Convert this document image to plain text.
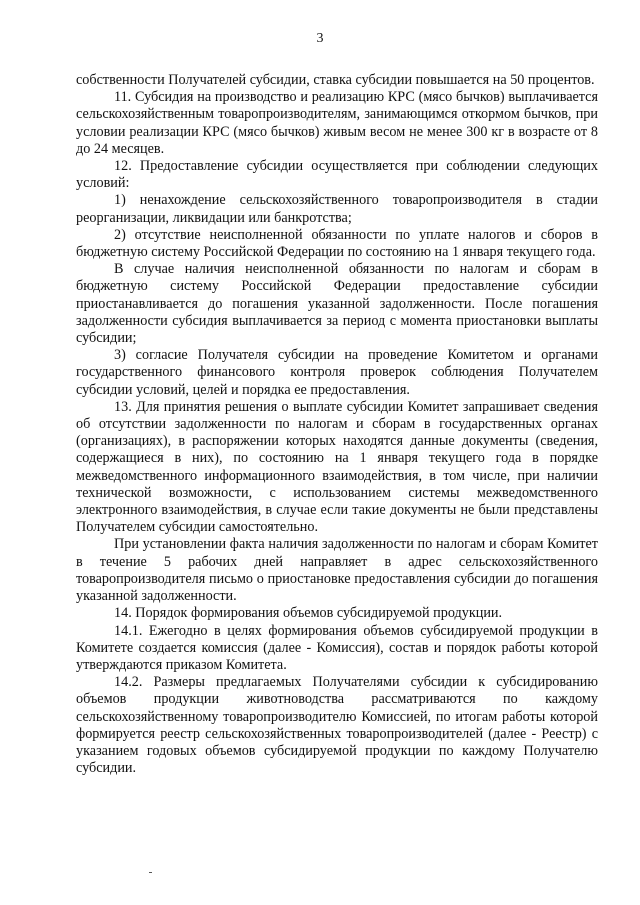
3

собственности Получателей субсидии, ставка субсидии повышается на 50 процентов.

11. Субсидия на производство и реализацию КРС (мясо бычков) выплачивается сельскохозяйственным товаропроизводителям, занимающимся откормом бычков, при условии реализации КРС (мясо бычков) живым весом не менее 300 кг в возрасте от 8 до 24 месяцев.

12. Предоставление субсидии осуществляется при соблюдении следующих условий:

1) ненахождение сельскохозяйственного товаропроизводителя в стадии реорганизации, ликвидации или банкротства;

2) отсутствие неисполненной обязанности по уплате налогов и сборов в бюджетную систему Российской Федерации по состоянию на 1 января текущего года.

В случае наличия неисполненной обязанности по налогам и сборам в бюджетную систему Российской Федерации предоставление субсидии приостанавливается до погашения указанной задолженности. После погашения задолженности субсидия выплачивается за период с момента приостановки выплаты субсидии;

3) согласие Получателя субсидии на проведение Комитетом и органами государственного финансового контроля проверок соблюдения Получателем субсидии условий, целей и порядка ее предоставления.

13. Для принятия решения о выплате субсидии Комитет запрашивает сведения об отсутствии задолженности по налогам и сборам в государственных органах (организациях), в распоряжении которых находятся данные документы (сведения, содержащиеся в них), по состоянию на 1 января текущего года в порядке межведомственного информационного взаимодействия, в том числе, при наличии технической возможности, с использованием системы межведомственного электронного взаимодействия, в случае если такие документы не были представлены Получателем субсидии самостоятельно.

При установлении факта наличия задолженности по налогам и сборам Комитет в течение 5 рабочих дней направляет в адрес сельскохозяйственного товаропроизводителя письмо о приостановке предоставления субсидии до погашения указанной задолженности.

14. Порядок формирования объемов субсидируемой продукции.

14.1. Ежегодно в целях формирования объемов субсидируемой продукции в Комитете создается комиссия (далее - Комиссия), состав и порядок работы которой утверждаются приказом Комитета.

14.2. Размеры предлагаемых Получателями субсидии к субсидированию объемов продукции животноводства рассматриваются по каждому сельскохозяйственному товаропроизводителю Комиссией, по итогам работы которой формируется реестр сельскохозяйственных товаропроизводителей (далее - Реестр) с указанием годовых объемов субсидируемой продукции по каждому Получателю субсидии.
